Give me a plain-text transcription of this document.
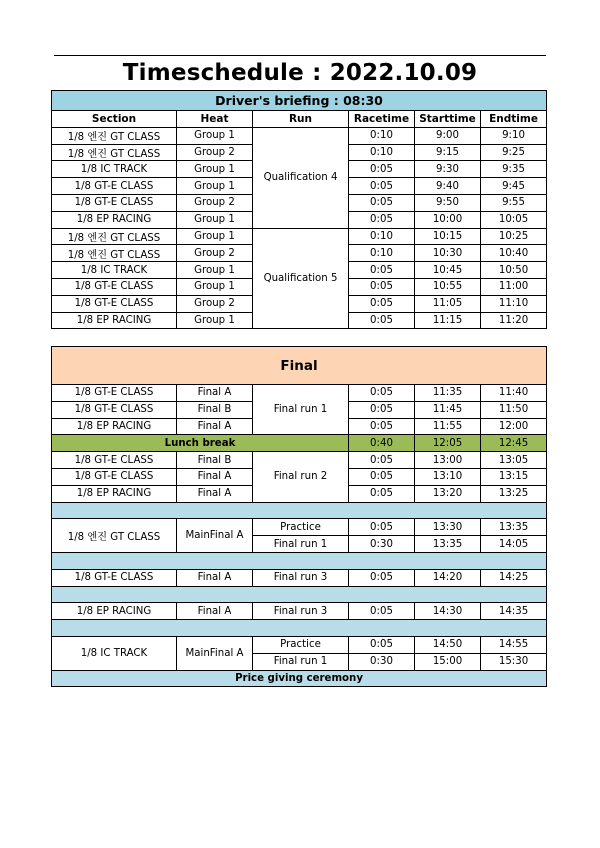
Timeschedule : 2022.10.09
Driver's briefing : 08:30					
Section	Heat	Run	Racetime	Starttime	Endtime
1/8 엔진 GT CLASS	Group 1	Qualification 4	0:10	9:00	9:10
1/8 엔진 GT CLASS	Group 2		0:10	9:15	9:25
1/8 IC TRACK	Group 1		0:05	9:30	9:35
1/8 GT-E CLASS	Group 1		0:05	9:40	9:45
1/8 GT-E CLASS	Group 2		0:05	9:50	9:55
1/8 EP RACING	Group 1		0:05	10:00	10:05
1/8 엔진 GT CLASS	Group 1	Qualification 5	0:10	10:15	10:25
1/8 엔진 GT CLASS	Group 2		0:10	10:30	10:40
1/8 IC TRACK	Group 1		0:05	10:45	10:50
1/8 GT-E CLASS	Group 1		0:05	10:55	11:00
1/8 GT-E CLASS	Group 2		0:05	11:05	11:10
1/8 EP RACING	Group 1		0:05	11:15	11:20
Final					
1/8 GT-E CLASS	Final A	Final run 1	0:05	11:35	11:40
1/8 GT-E CLASS	Final B		0:05	11:45	11:50
1/8 EP RACING	Final A		0:05	11:55	12:00
Lunch break			0:40	12:05	12:45
1/8 GT-E CLASS	Final B	Final run 2	0:05	13:00	13:05
1/8 GT-E CLASS	Final A		0:05	13:10	13:15
1/8 EP RACING	Final A		0:05	13:20	13:25

1/8 엔진 GT CLASS	MainFinal A	Practice	0:05	13:30	13:35
		Final run 1	0:30	13:35	14:05

1/8 GT-E CLASS	Final A	Final run 3	0:05	14:20	14:25

1/8 EP RACING	Final A	Final run 3	0:05	14:30	14:35

1/8 IC TRACK	MainFinal A	Practice	0:05	14:50	14:55
		Final run 1	0:30	15:00	15:30
Price giving ceremony					
